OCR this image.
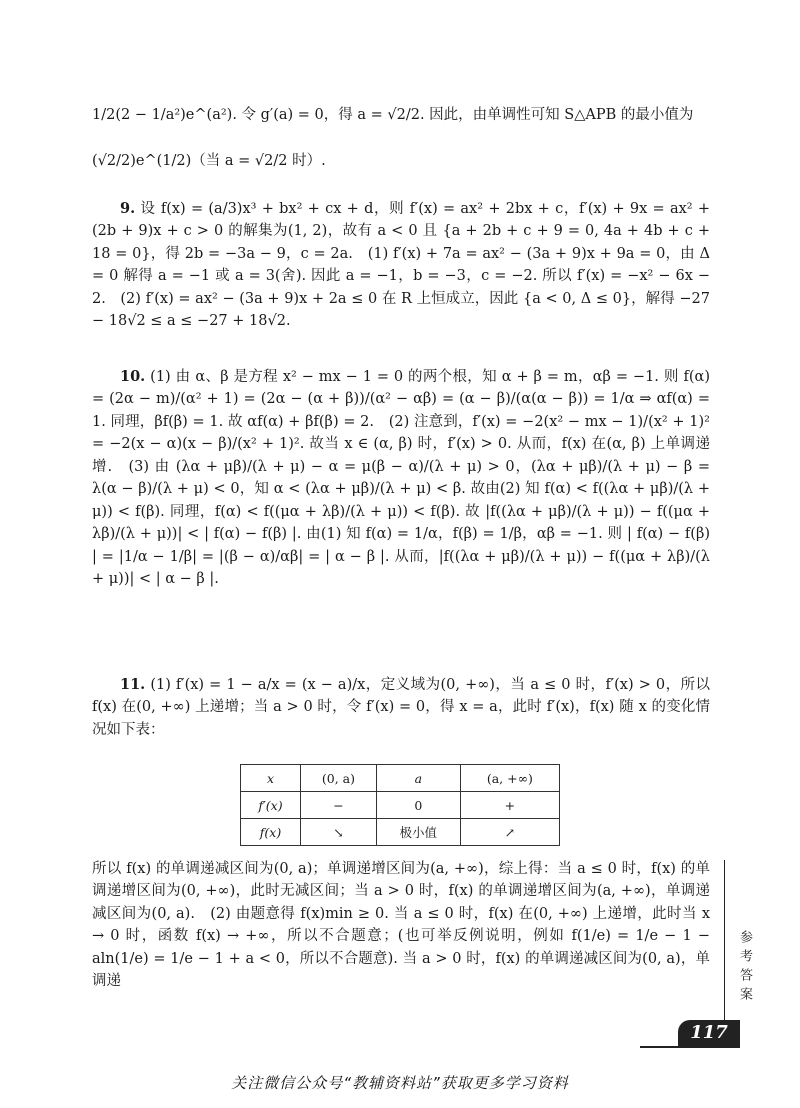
1/2(2 − 1/a²)e^(a²). 令 g′(a) = 0，得 a = √2/2. 因此，由单调性可知 S△APB 的最小值为
(√2/2)e^(1/2)（当 a = √2/2 时）.
9. 设 f(x) = (a/3)x³ + bx² + cx + d，则 f′(x) = ax² + 2bx + c，f′(x) + 9x = ax² + (2b + 9)x + c > 0 的解集为(1, 2)，故有 a < 0 且 {a + 2b + c + 9 = 0, 4a + 4b + c + 18 = 0}，得 2b = −3a − 9，c = 2a.　(1) f′(x) + 7a = ax² − (3a + 9)x + 9a = 0，由 Δ = 0 解得 a = −1 或 a = 3(舍). 因此 a = −1，b = −3，c = −2. 所以 f′(x) = −x² − 6x − 2.　(2) f′(x) = ax² − (3a + 9)x + 2a ≤ 0 在 R 上恒成立，因此 {a < 0, Δ ≤ 0}，解得 −27 − 18√2 ≤ a ≤ −27 + 18√2.
10. (1) 由 α、β 是方程 x² − mx − 1 = 0 的两个根，知 α + β = m，αβ = −1. 则 f(α) = (2α − m)/(α² + 1) = (2α − (α + β))/(α² − αβ) = (α − β)/(α(α − β)) = 1/α ⇒ αf(α) = 1. 同理，βf(β) = 1. 故 αf(α) + βf(β) = 2.　(2) 注意到，f′(x) = −2(x² − mx − 1)/(x² + 1)² = −2(x − α)(x − β)/(x² + 1)². 故当 x ∈ (α, β) 时，f′(x) > 0. 从而，f(x) 在(α, β) 上单调递增.　(3) 由 (λα + μβ)/(λ + μ) − α = μ(β − α)/(λ + μ) > 0，(λα + μβ)/(λ + μ) − β = λ(α − β)/(λ + μ) < 0，知 α < (λα + μβ)/(λ + μ) < β. 故由(2) 知 f(α) < f((λα + μβ)/(λ + μ)) < f(β). 同理，f(α) < f((μα + λβ)/(λ + μ)) < f(β). 故 |f((λα + μβ)/(λ + μ)) − f((μα + λβ)/(λ + μ))| < | f(α) − f(β) |. 由(1) 知 f(α) = 1/α，f(β) = 1/β，αβ = −1. 则 | f(α) − f(β) | = |1/α − 1/β| = |(β − α)/αβ| = | α − β |. 从而，|f((λα + μβ)/(λ + μ)) − f((μα + λβ)/(λ + μ))| < | α − β |.
11. (1) f′(x) = 1 − a/x = (x − a)/x，定义域为(0, +∞)，当 a ≤ 0 时，f′(x) > 0，所以 f(x) 在(0, +∞) 上递增；当 a > 0 时，令 f′(x) = 0，得 x = a，此时 f′(x)，f(x) 随 x 的变化情况如下表：
x	(0, a)	a	(a, +∞)
f′(x)	−	0	+
f(x)	↘	极小值	↗
所以 f(x) 的单调递减区间为(0, a)；单调递增区间为(a, +∞)，综上得：当 a ≤ 0 时，f(x) 的单调递增区间为(0, +∞)，此时无减区间；当 a > 0 时，f(x) 的单调递增区间为(a, +∞)，单调递减区间为(0, a).　(2) 由题意得 f(x)min ≥ 0. 当 a ≤ 0 时，f(x) 在(0, +∞) 上递增，此时当 x → 0 时，函数 f(x) → +∞，所以不合题意；(也可举反例说明，例如 f(1/e) = 1/e − 1 − aln(1/e) = 1/e − 1 + a < 0，所以不合题意). 当 a > 0 时，f(x) 的单调递减区间为(0, a)，单调递	参考答案
117
关注微信公众号“教辅资料站”获取更多学习资料
